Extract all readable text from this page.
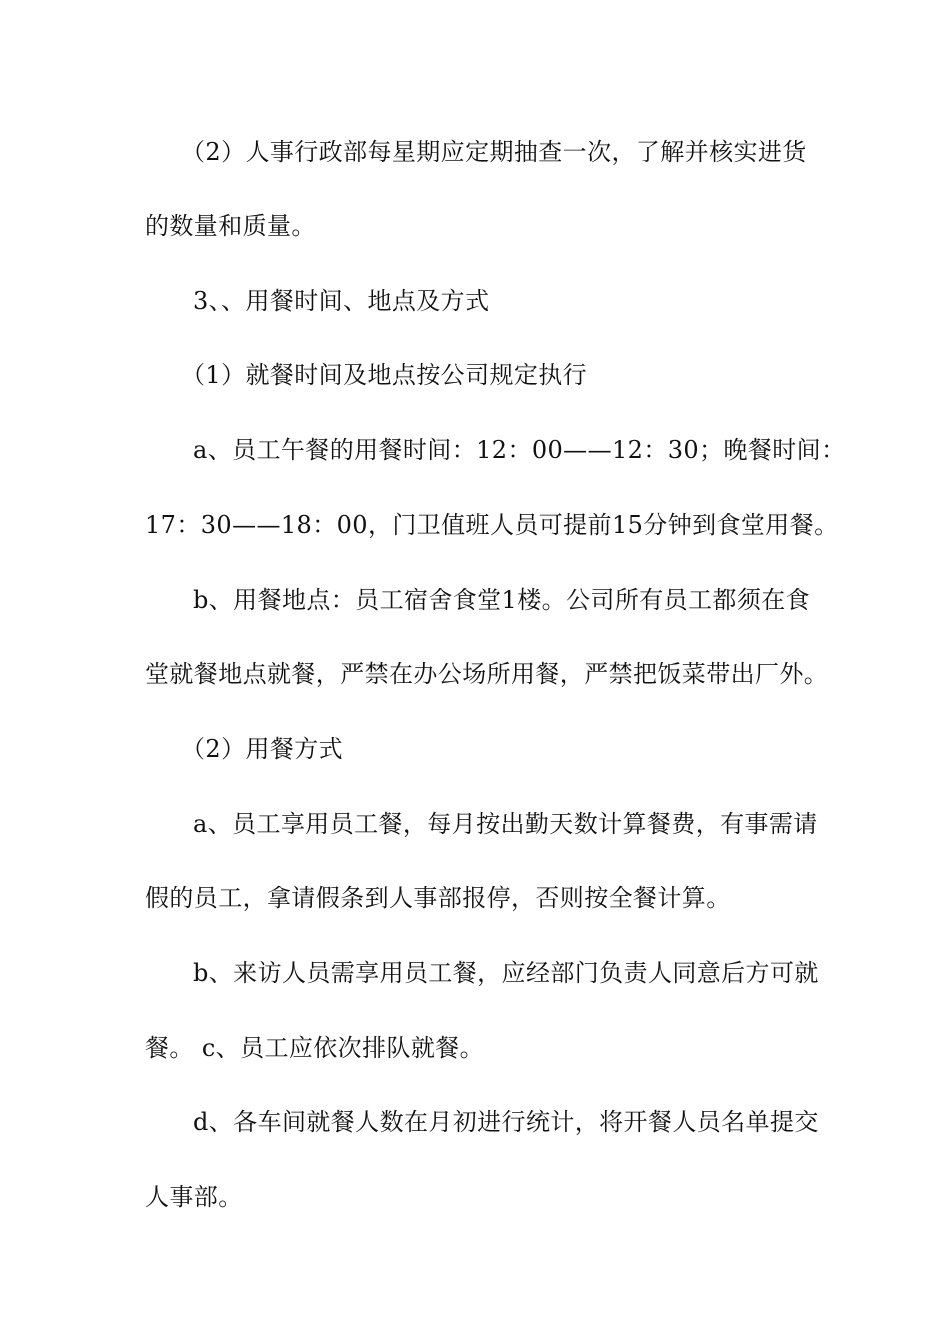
（2）人事行政部每星期应定期抽查一次，了解并核实进货
的数量和质量。
3、、用餐时间、地点及方式
（1）就餐时间及地点按公司规定执行
a、员工午餐的用餐时间：12：00——12：30；晚餐时间：
17：30——18：00，门卫值班人员可提前15分钟到食堂用餐。
b、用餐地点：员工宿舍食堂1楼。公司所有员工都须在食
堂就餐地点就餐，严禁在办公场所用餐，严禁把饭菜带出厂外。
（2）用餐方式
a、员工享用员工餐，每月按出勤天数计算餐费，有事需请
假的员工，拿请假条到人事部报停，否则按全餐计算。
b、来访人员需享用员工餐，应经部门负责人同意后方可就
餐。 c、员工应依次排队就餐。
d、各车间就餐人数在月初进行统计，将开餐人员名单提交
人事部。
